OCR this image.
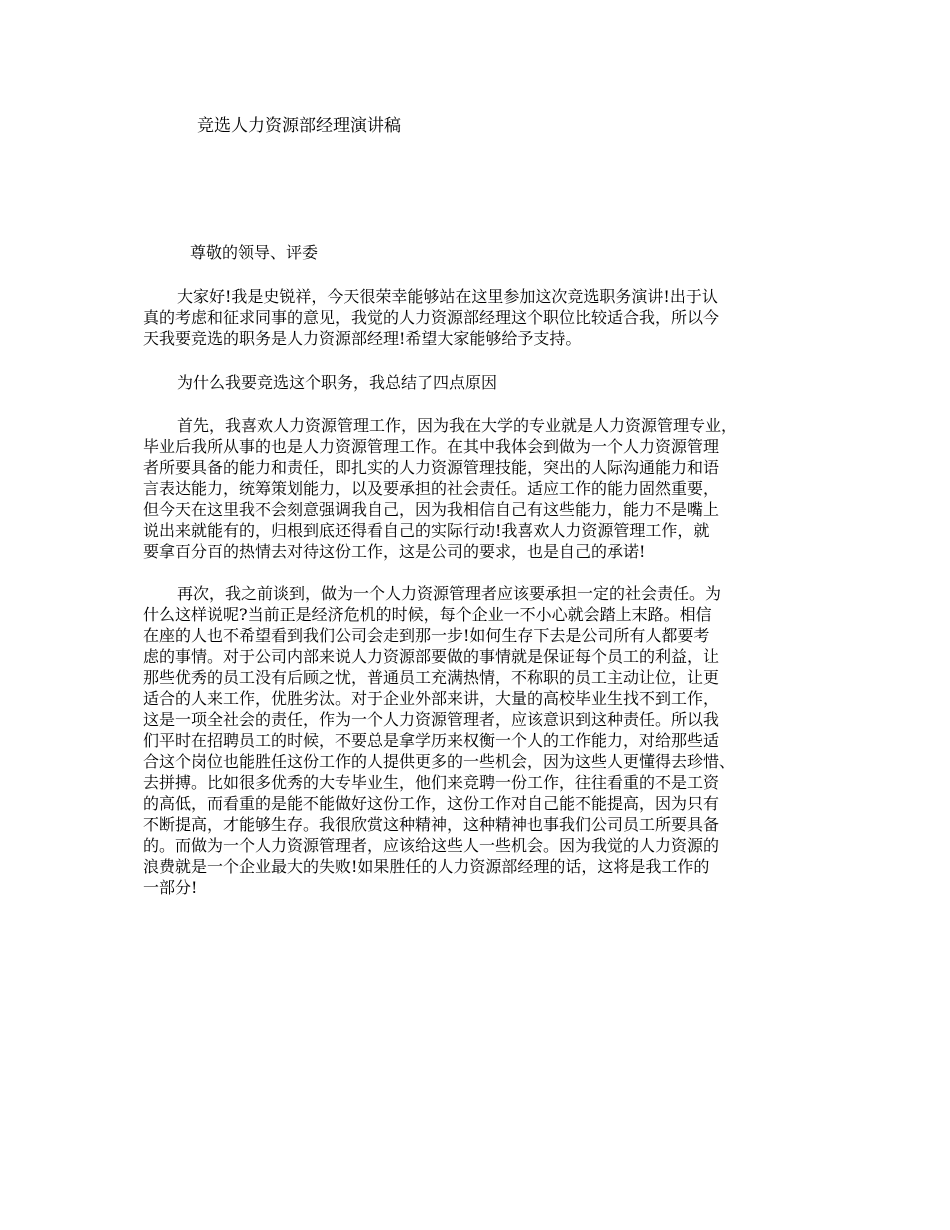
竞选人力资源部经理演讲稿
尊敬的领导、评委
大家好!我是史锐祥，今天很荣幸能够站在这里参加这次竞选职务演讲!出于认
真的考虑和征求同事的意见，我觉的人力资源部经理这个职位比较适合我，所以今
天我要竞选的职务是人力资源部经理!希望大家能够给予支持。
为什么我要竞选这个职务，我总结了四点原因
首先，我喜欢人力资源管理工作，因为我在大学的专业就是人力资源管理专业，
毕业后我所从事的也是人力资源管理工作。在其中我体会到做为一个人力资源管理
者所要具备的能力和责任，即扎实的人力资源管理技能，突出的人际沟通能力和语
言表达能力，统筹策划能力，以及要承担的社会责任。适应工作的能力固然重要，
但今天在这里我不会刻意强调我自己，因为我相信自己有这些能力，能力不是嘴上
说出来就能有的，归根到底还得看自己的实际行动!我喜欢人力资源管理工作，就
要拿百分百的热情去对待这份工作，这是公司的要求，也是自己的承诺!
再次，我之前谈到，做为一个人力资源管理者应该要承担一定的社会责任。为
什么这样说呢?当前正是经济危机的时候，每个企业一不小心就会踏上末路。相信
在座的人也不希望看到我们公司会走到那一步!如何生存下去是公司所有人都要考
虑的事情。对于公司内部来说人力资源部要做的事情就是保证每个员工的利益，让
那些优秀的员工没有后顾之忧，普通员工充满热情，不称职的员工主动让位，让更
适合的人来工作，优胜劣汰。对于企业外部来讲，大量的高校毕业生找不到工作，
这是一项全社会的责任，作为一个人力资源管理者，应该意识到这种责任。所以我
们平时在招聘员工的时候，不要总是拿学历来权衡一个人的工作能力，对给那些适
合这个岗位也能胜任这份工作的人提供更多的一些机会，因为这些人更懂得去珍惜、
去拼搏。比如很多优秀的大专毕业生，他们来竞聘一份工作，往往看重的不是工资
的高低，而看重的是能不能做好这份工作，这份工作对自己能不能提高，因为只有
不断提高，才能够生存。我很欣赏这种精神，这种精神也事我们公司员工所要具备
的。而做为一个人力资源管理者，应该给这些人一些机会。因为我觉的人力资源的
浪费就是一个企业最大的失败!如果胜任的人力资源部经理的话，这将是我工作的
一部分!
